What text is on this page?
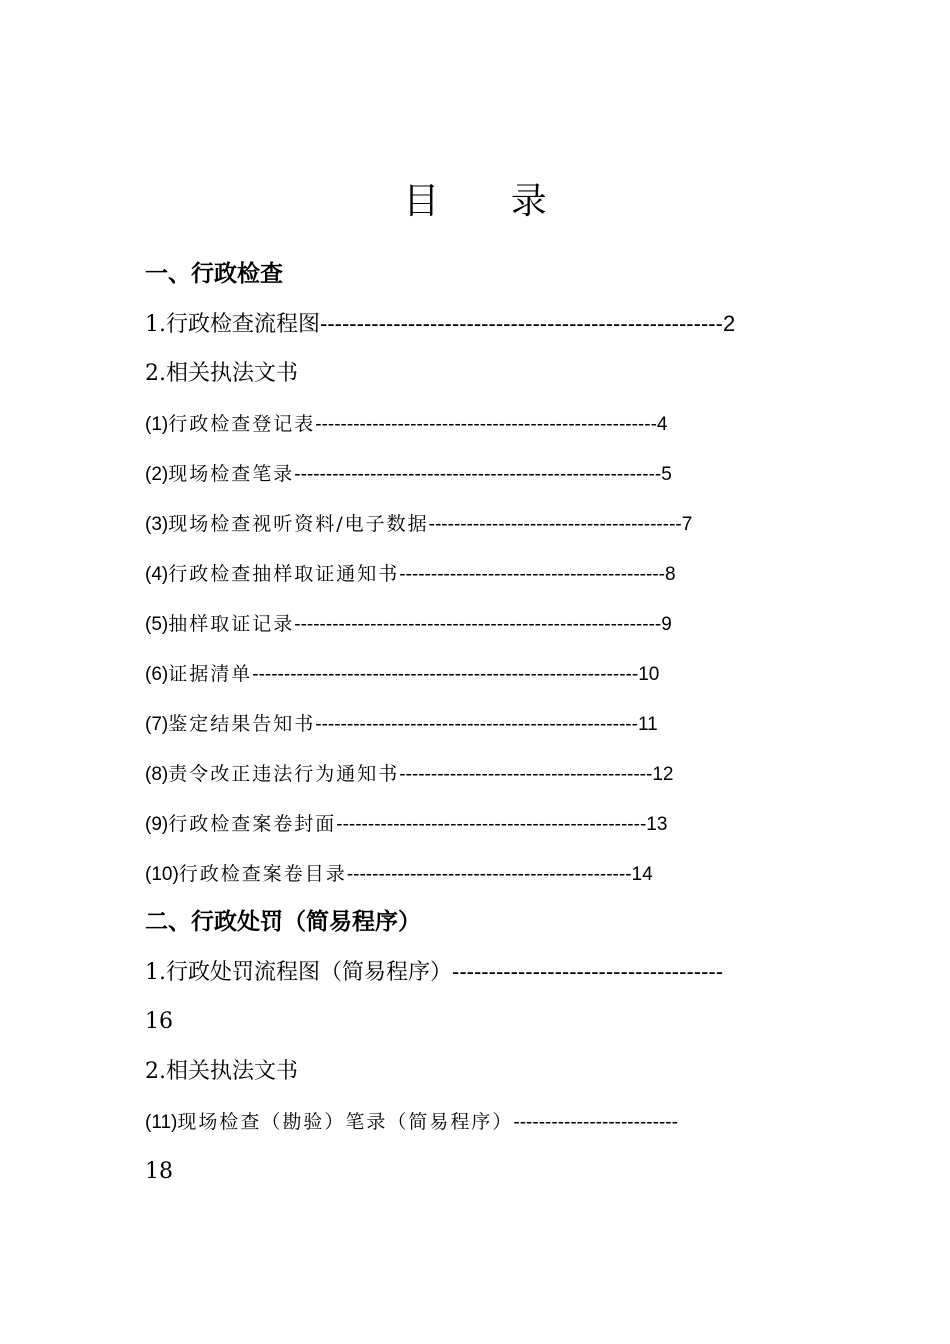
目 录
一、行政检查
1.行政检查流程图-------------------------------------------------------2
2.相关执法文书
(1)行政检查登记表------------------------------------------------------4
(2)现场检查笔录----------------------------------------------------------5
(3)现场检查视听资料/电子数据----------------------------------------7
(4)行政检查抽样取证通知书------------------------------------------8
(5)抽样取证记录----------------------------------------------------------9
(6)证据清单-------------------------------------------------------------10
(7)鉴定结果告知书---------------------------------------------------11
(8)责令改正违法行为通知书----------------------------------------12
(9)行政检查案卷封面-------------------------------------------------13
(10)行政检查案卷目录---------------------------------------------14
二、行政处罚（简易程序）
1.行政处罚流程图（简易程序）-------------------------------------
16
2.相关执法文书
(11)现场检查（勘验）笔录（简易程序）--------------------------
18
